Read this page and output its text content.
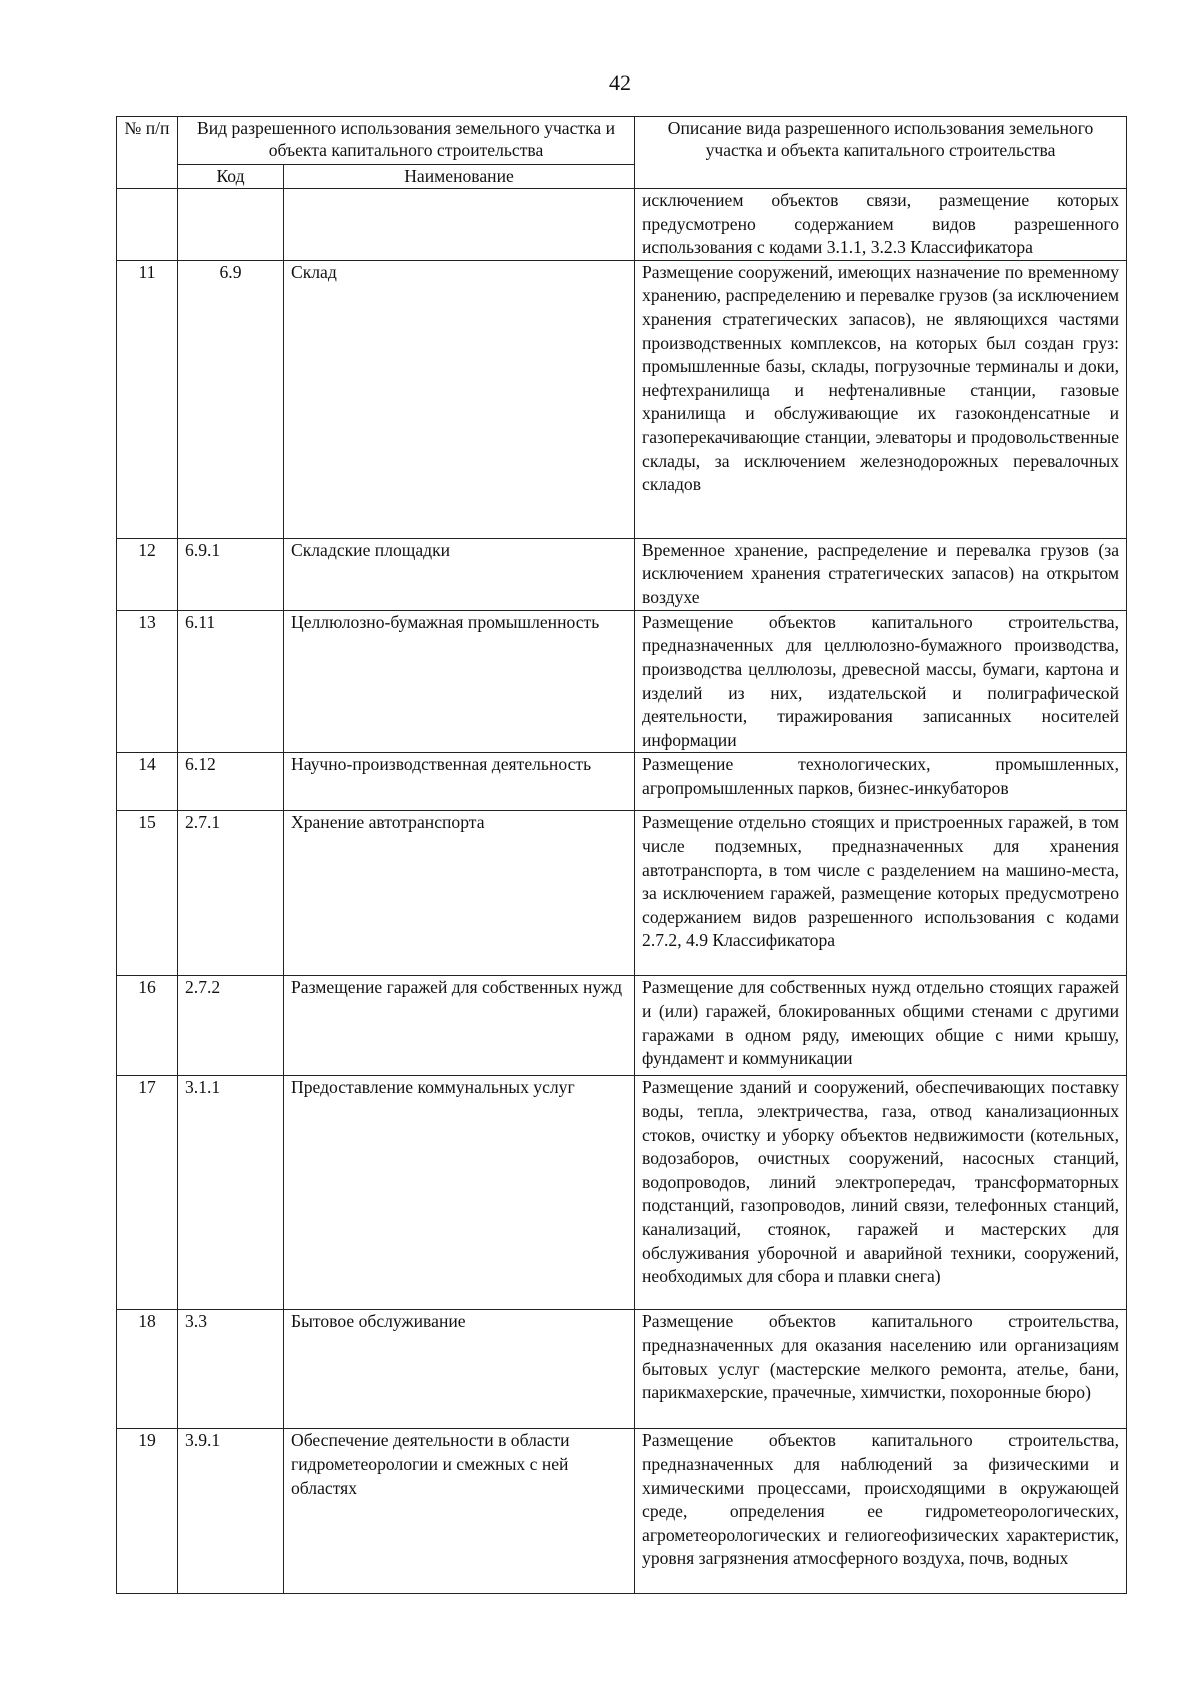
42
№ п/п	Вид разрешенного использования земельного участка и объекта капитального строительства		Описание вида разрешенного использования земельного участка и объекта капитального строительства
	Код	Наименование	
			исключением объектов связи, размещение которых предусмотрено содержанием видов разрешенного использования с кодами 3.1.1, 3.2.3 Классификатора
11	6.9	Склад	Размещение сооружений, имеющих назначение по временному хранению, распределению и перевалке грузов (за исключением хранения стратегических запасов), не являющихся частями производственных комплексов, на которых был создан груз: промышленные базы, склады, погрузочные терминалы и доки, нефтехранилища и нефтеналивные станции, газовые хранилища и обслуживающие их газоконденсатные и газоперекачивающие станции, элеваторы и продовольственные склады, за исключением железнодорожных перевалочных складов
12	6.9.1	Складские площадки	Временное хранение, распределение и перевалка грузов (за исключением хранения стратегических запасов) на открытом воздухе
13	6.11	Целлюлозно-бумажная промышленность	Размещение объектов капитального строительства, предназначенных для целлюлозно-бумажного производства, производства целлюлозы, древесной массы, бумаги, картона и изделий из них, издательской и полиграфической деятельности, тиражирования записанных носителей информации
14	6.12	Научно-производственная деятельность	Размещение технологических, промышленных, агропромышленных парков, бизнес-инкубаторов
15	2.7.1	Хранение автотранспорта	Размещение отдельно стоящих и пристроенных гаражей, в том числе подземных, предназначенных для хранения автотранспорта, в том числе с разделением на машино-места, за исключением гаражей, размещение которых предусмотрено содержанием видов разрешенного использования с кодами 2.7.2, 4.9 Классификатора
16	2.7.2	Размещение гаражей для собственных нужд	Размещение для собственных нужд отдельно стоящих гаражей и (или) гаражей, блокированных общими стенами с другими гаражами в одном ряду, имеющих общие с ними крышу, фундамент и коммуникации
17	3.1.1	Предоставление коммунальных услуг	Размещение зданий и сооружений, обеспечивающих поставку воды, тепла, электричества, газа, отвод канализационных стоков, очистку и уборку объектов недвижимости (котельных, водозаборов, очистных сооружений, насосных станций, водопроводов, линий электропередач, трансформаторных подстанций, газопроводов, линий связи, телефонных станций, канализаций, стоянок, гаражей и мастерских для обслуживания уборочной и аварийной техники, сооружений, необходимых для сбора и плавки снега)
18	3.3	Бытовое обслуживание	Размещение объектов капитального строительства, предназначенных для оказания населению или организациям бытовых услуг (мастерские мелкого ремонта, ателье, бани, парикмахерские, прачечные, химчистки, похоронные бюро)
19	3.9.1	Обеспечение деятельности в области гидрометеорологии и смежных с ней областях	Размещение объектов капитального строительства, предназначенных для наблюдений за физическими и химическими процессами, происходящими в окружающей среде, определения ее гидрометеорологических, агрометеорологических и гелиогеофизических характеристик, уровня загрязнения атмосферного воздуха, почв, водных
